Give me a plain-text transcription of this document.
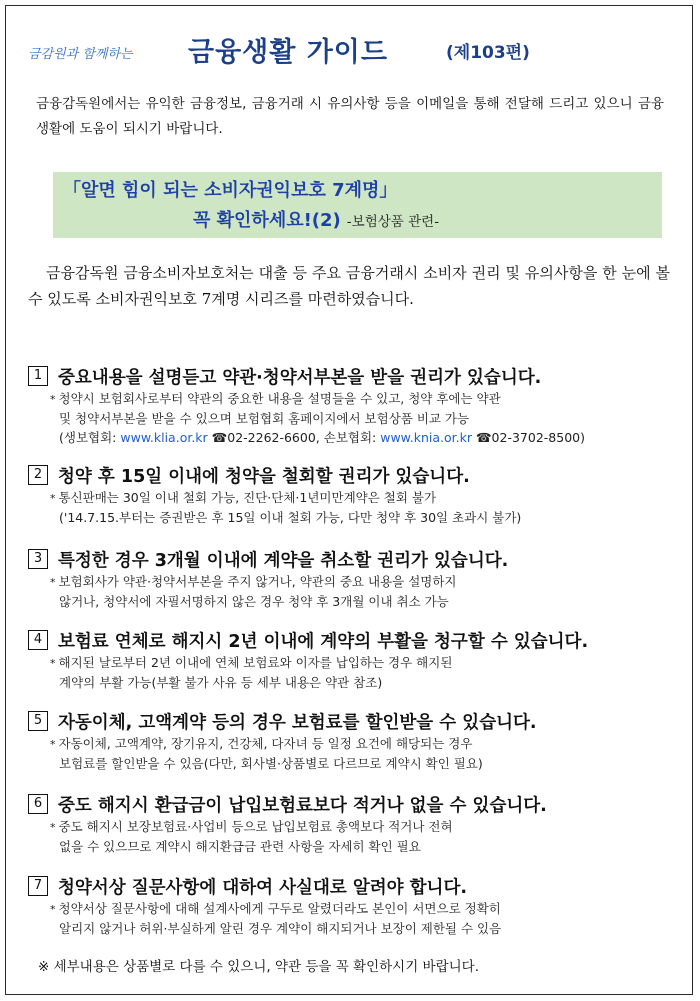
금감원과 함께하는 금융생활 가이드	(제103편)
금융감독원에서는 유익한 금융정보, 금융거래 시 유의사항 등을 이메일을 통해 전달해 드리고 있으니 금융생활에 도움이 되시기 바랍니다.
「알면 힘이 되는 소비자권익보호 7계명」
꼭 확인하세요!(2) -보험상품 관련-
금융감독원 금융소비자보호처는 대출 등 주요 금융거래시 소비자 권리 및 유의사항을 한 눈에 볼 수 있도록 소비자권익보호 7계명 시리즈를 마련하였습니다.
1 중요내용을 설명듣고 약관·청약서부본을 받을 권리가 있습니다.
* 청약시 보험회사로부터 약관의 중요한 내용을 설명들을 수 있고, 청약 후에는 약관
및 청약서부본을 받을 수 있으며 보험협회 홈페이지에서 보험상품 비교 가능
(생보협회: www.klia.or.kr ☎02-2262-6600, 손보협회: www.knia.or.kr ☎02-3702-8500)
2 청약 후 15일 이내에 청약을 철회할 권리가 있습니다.
* 통신판매는 30일 이내 철회 가능, 진단·단체·1년미만계약은 철회 불가
('14.7.15.부터는 증권받은 후 15일 이내 철회 가능, 다만 청약 후 30일 초과시 불가)
3 특정한 경우 3개월 이내에 계약을 취소할 권리가 있습니다.
* 보험회사가 약관·청약서부본을 주지 않거나, 약관의 중요 내용을 설명하지
않거나, 청약서에 자필서명하지 않은 경우 청약 후 3개월 이내 취소 가능
4 보험료 연체로 해지시 2년 이내에 계약의 부활을 청구할 수 있습니다.
* 해지된 날로부터 2년 이내에 연체 보험료와 이자를 납입하는 경우 해지된
계약의 부활 가능(부활 불가 사유 등 세부 내용은 약관 참조)
5 자동이체, 고액계약 등의 경우 보험료를 할인받을 수 있습니다.
* 자동이체, 고액계약, 장기유지, 건강체, 다자녀 등 일정 요건에 해당되는 경우
보험료를 할인받을 수 있음(다만, 회사별·상품별로 다르므로 계약시 확인 필요)
6 중도 해지시 환급금이 납입보험료보다 적거나 없을 수 있습니다.
* 중도 해지시 보장보험료·사업비 등으로 납입보험료 총액보다 적거나 전혀
없을 수 있으므로 계약시 해지환급금 관련 사항을 자세히 확인 필요
7 청약서상 질문사항에 대하여 사실대로 알려야 합니다.
* 청약서상 질문사항에 대해 설계사에게 구두로 알렸더라도 본인이 서면으로 정확히
알리지 않거나 허위·부실하게 알린 경우 계약이 해지되거나 보장이 제한될 수 있음
※ 세부내용은 상품별로 다를 수 있으니, 약관 등을 꼭 확인하시기 바랍니다.
